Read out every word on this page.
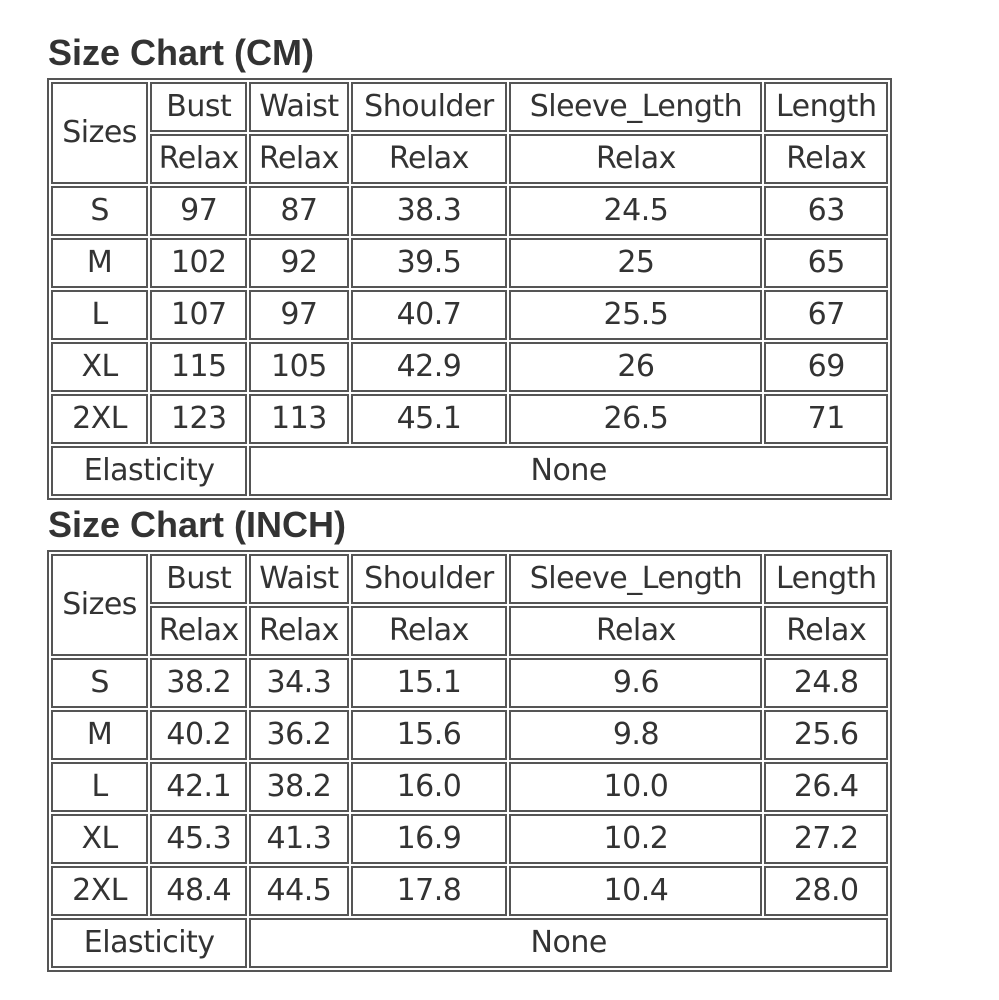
Size Chart (CM)
Sizes	Bust	Waist	Shoulder	Sleeve_Length	Length
	Relax	Relax	Relax	Relax	Relax
S	97	87	38.3	24.5	63
M	102	92	39.5	25	65
L	107	97	40.7	25.5	67
XL	115	105	42.9	26	69
2XL	123	113	45.1	26.5	71
Elasticity		None			
Size Chart (INCH)
Sizes	Bust	Waist	Shoulder	Sleeve_Length	Length
	Relax	Relax	Relax	Relax	Relax
S	38.2	34.3	15.1	9.6	24.8
M	40.2	36.2	15.6	9.8	25.6
L	42.1	38.2	16.0	10.0	26.4
XL	45.3	41.3	16.9	10.2	27.2
2XL	48.4	44.5	17.8	10.4	28.0
Elasticity		None			
